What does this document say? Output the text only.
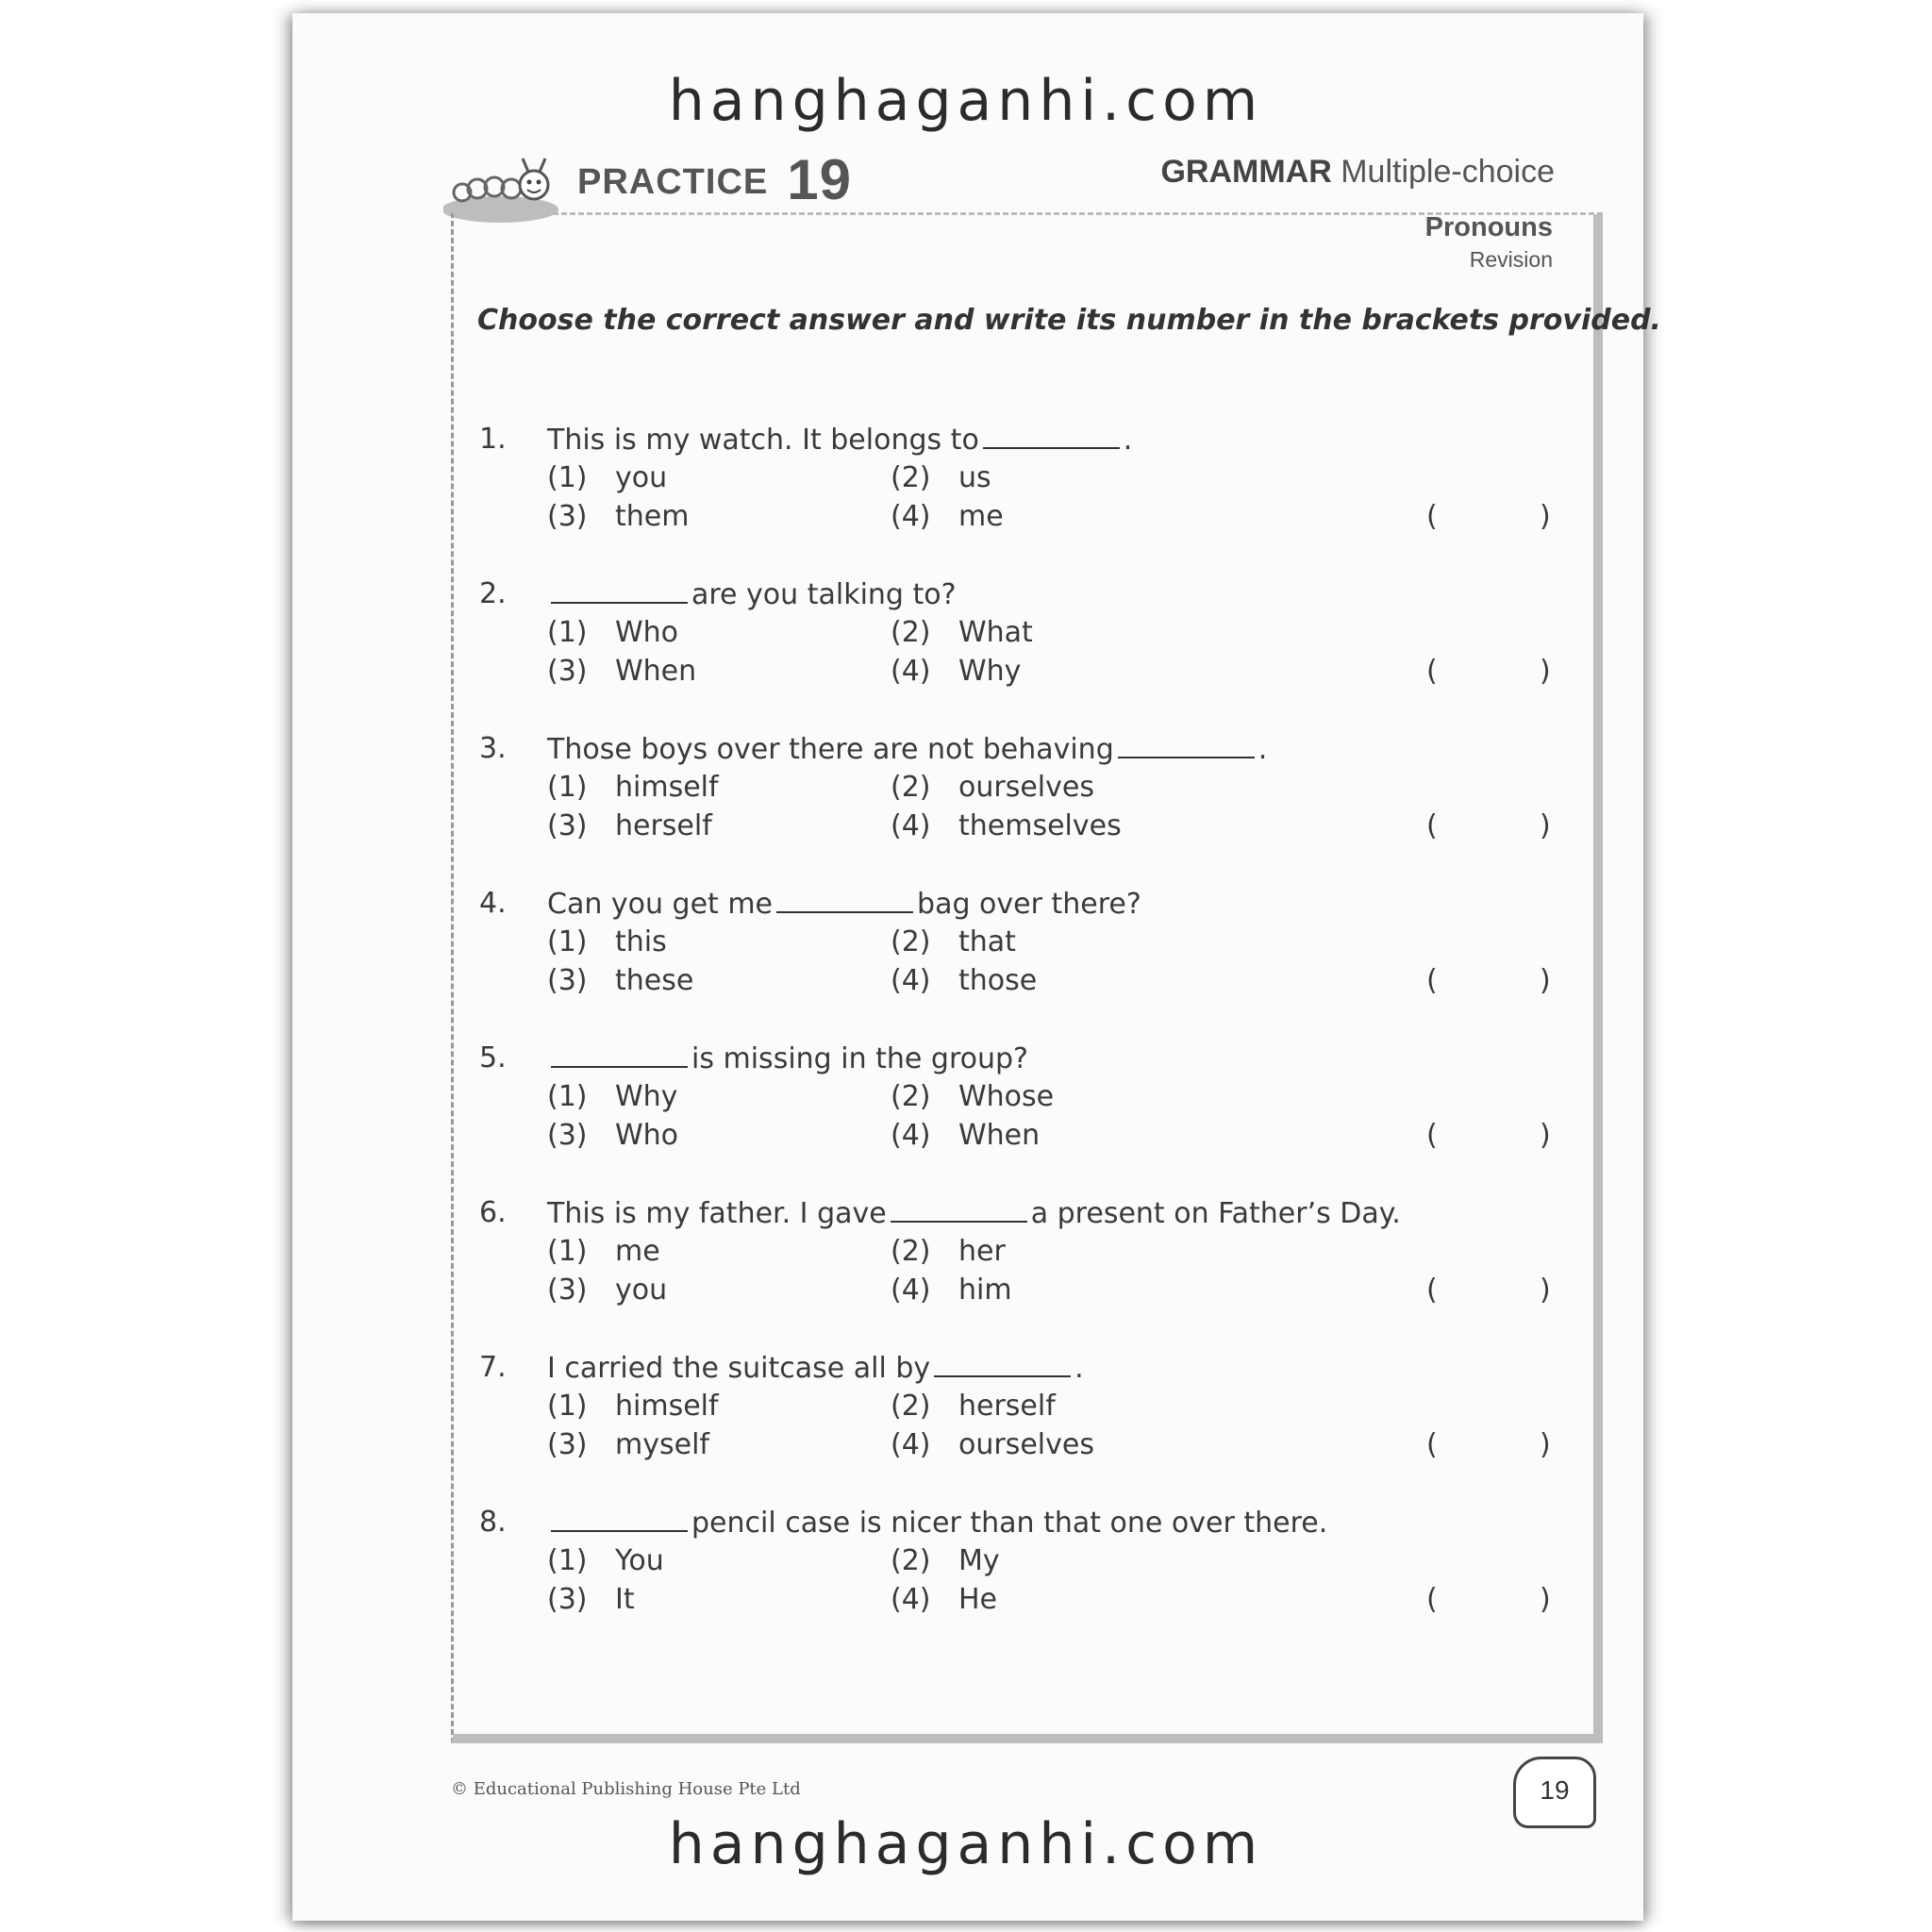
hanghaganhi.com
PRACTICE 19	GRAMMAR Multiple-choice
Pronouns
Revision
Choose the correct answer and write its number in the brackets provided.
1. This is my watch. It belongs to	.
(1) you	(2) us
(3) them	(4) me	(	)
2.	are you talking to?
(1) Who	(2) What
(3) When	(4) Why	(	)
3. Those boys over there are not behaving	.
(1) himself	(2) ourselves
(3) herself	(4) themselves	(	)
4. Can you get me	bag over there?
(1) this	(2) that
(3) these	(4) those	(	)
5.	is missing in the group?
(1) Why	(2) Whose
(3) Who	(4) When	(	)
6. This is my father. I gave	a present on Father’s Day.
(1) me	(2) her
(3) you	(4) him	(	)
7. I carried the suitcase all by	.
(1) himself	(2) herself
(3) myself	(4) ourselves	(	)
8.	pencil case is nicer than that one over there.
(1) You	(2) My
(3) It	(4) He	(	)
© Educational Publishing House Pte Ltd	19
hanghaganhi.com
